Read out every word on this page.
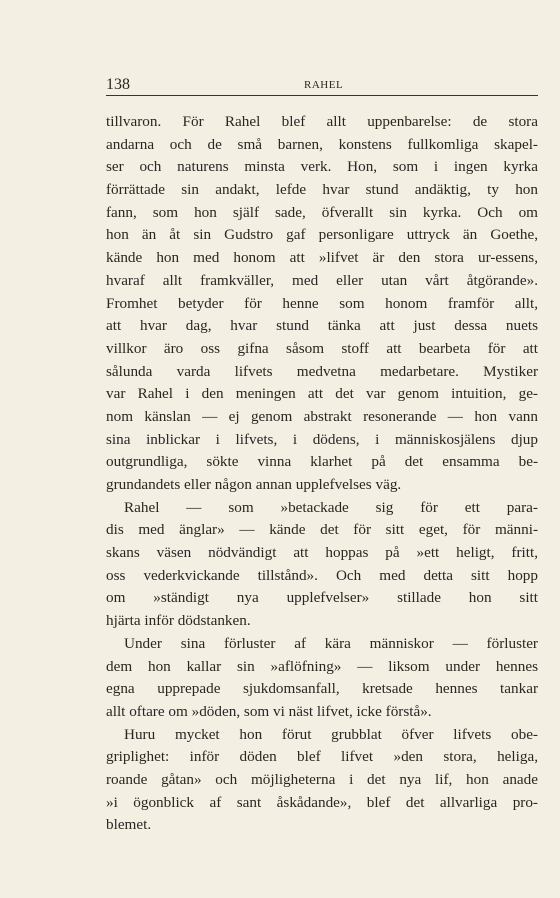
138	RAHEL
tillvaron. För Rahel blef allt uppenbarelse: de stora
andarna och de små barnen, konstens fullkomliga skapel-
ser och naturens minsta verk. Hon, som i ingen kyrka
förrättade sin andakt, lefde hvar stund andäktig, ty hon
fann, som hon själf sade, öfverallt sin kyrka. Och om
hon än åt sin Gudstro gaf personligare uttryck än Goethe,
kände hon med honom att »lifvet är den stora ur-essens,
hvaraf allt framkväller, med eller utan vårt åtgörande».
Fromhet betyder för henne som honom framför allt,
att hvar dag, hvar stund tänka att just dessa nuets
villkor äro oss gifna såsom stoff att bearbeta för att
sålunda varda lifvets medvetna medarbetare. Mystiker
var Rahel i den meningen att det var genom intuition, ge-
nom känslan — ej genom abstrakt resonerande — hon vann
sina inblickar i lifvets, i dödens, i människosjälens djup
outgrundliga, sökte vinna klarhet på det ensamma be-
grundandets eller någon annan upplefvelses väg.
Rahel — som »betackade sig för ett para-
dis med änglar» — kände det för sitt eget, för männi-
skans väsen nödvändigt att hoppas på »ett heligt, fritt,
oss vederkvickande tillstånd». Och med detta sitt hopp
om »ständigt nya upplefvelser» stillade hon sitt
hjärta inför dödstanken.
Under sina förluster af kära människor — förluster
dem hon kallar sin »aflöfning» — liksom under hennes
egna upprepade sjukdomsanfall, kretsade hennes tankar
allt oftare om »döden, som vi näst lifvet, icke förstå».
Huru mycket hon förut grubblat öfver lifvets obe-
griplighet: inför döden blef lifvet »den stora, heliga,
roande gåtan» och möjligheterna i det nya lif, hon anade
»i ögonblick af sant åskådande», blef det allvarliga pro-
blemet.
